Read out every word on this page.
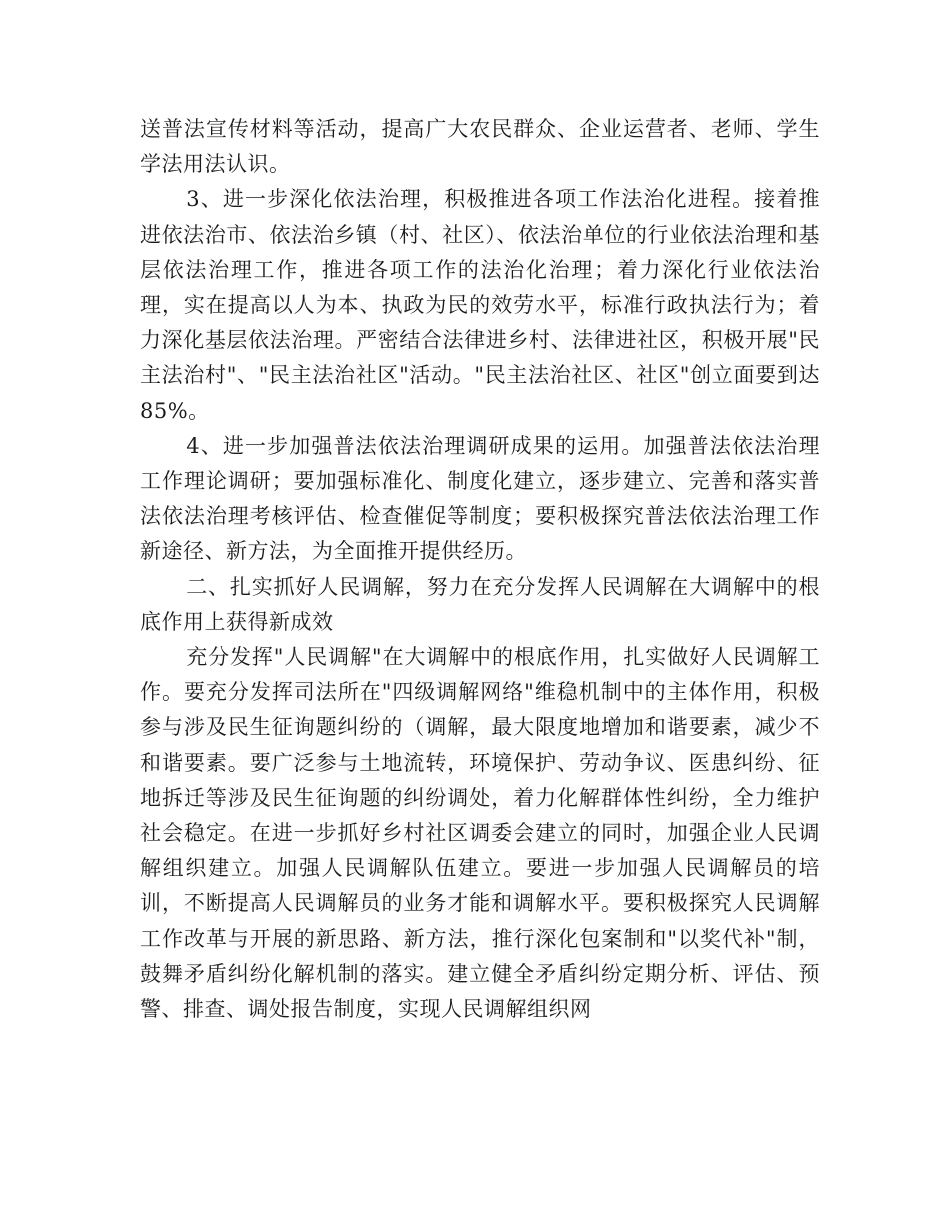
送普法宣传材料等活动，提高广大农民群众、企业运营者、老师、学生学法用法认识。

3、进一步深化依法治理，积极推进各项工作法治化进程。接着推进依法治市、依法治乡镇（村、社区）、依法治单位的行业依法治理和基层依法治理工作，推进各项工作的法治化治理；着力深化行业依法治理，实在提高以人为本、执政为民的效劳水平，标准行政执法行为；着力深化基层依法治理。严密结合法律进乡村、法律进社区，积极开展"民主法治村"、"民主法治社区"活动。"民主法治社区、社区"创立面要到达85%。

4、进一步加强普法依法治理调研成果的运用。加强普法依法治理工作理论调研；要加强标准化、制度化建立，逐步建立、完善和落实普法依法治理考核评估、检查催促等制度；要积极探究普法依法治理工作新途径、新方法，为全面推开提供经历。

二、扎实抓好人民调解，努力在充分发挥人民调解在大调解中的根底作用上获得新成效

充分发挥"人民调解"在大调解中的根底作用，扎实做好人民调解工作。要充分发挥司法所在"四级调解网络"维稳机制中的主体作用，积极参与涉及民生征询题纠纷的（调解，最大限度地增加和谐要素，减少不和谐要素。要广泛参与土地流转，环境保护、劳动争议、医患纠纷、征地拆迁等涉及民生征询题的纠纷调处，着力化解群体性纠纷，全力维护社会稳定。在进一步抓好乡村社区调委会建立的同时，加强企业人民调解组织建立。加强人民调解队伍建立。要进一步加强人民调解员的培训，不断提高人民调解员的业务才能和调解水平。要积极探究人民调解工作改革与开展的新思路、新方法，推行深化包案制和"以奖代补"制，鼓舞矛盾纠纷化解机制的落实。建立健全矛盾纠纷定期分析、评估、预警、排查、调处报告制度，实现人民调解组织网
